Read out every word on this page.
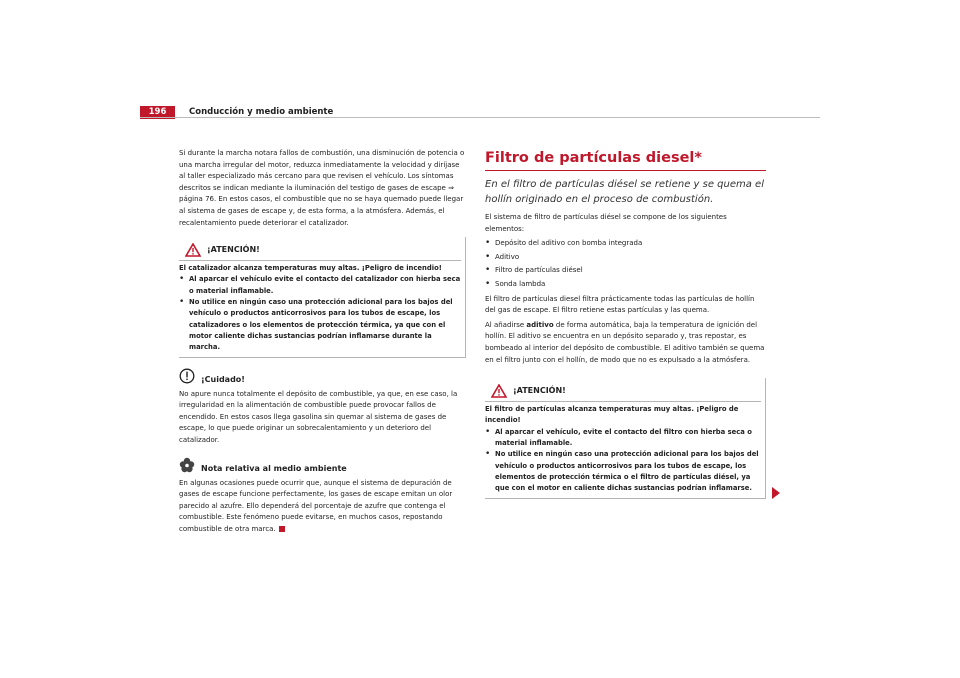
196	Conducción y medio ambiente

Si durante la marcha notara fallos de combustión, una disminución de potencia o una marcha irregular del motor, reduzca inmediatamente la velocidad y diríjase al taller especializado más cercano para que revisen el vehículo. Los síntomas descritos se indican mediante la iluminación del testigo de gases de escape ⇒ página 76. En estos casos, el combustible que no se haya quemado puede llegar al sistema de gases de escape y, de esta forma, a la atmósfera. Además, el recalentamiento puede deteriorar el catalizador.

¡ATENCIÓN!

El catalizador alcanza temperaturas muy altas. ¡Peligro de incendio!

• Al aparcar el vehículo evite el contacto del catalizador con hierba seca o material inflamable.

• No utilice en ningún caso una protección adicional para los bajos del vehículo o productos anticorrosivos para los tubos de escape, los catalizadores o los elementos de protección térmica, ya que con el motor caliente dichas sustancias podrían inflamarse durante la marcha.

¡Cuidado!

No apure nunca totalmente el depósito de combustible, ya que, en ese caso, la irregularidad en la alimentación de combustible puede provocar fallos de encendido. En estos casos llega gasolina sin quemar al sistema de gases de escape, lo que puede originar un sobrecalentamiento y un deterioro del catalizador.

Nota relativa al medio ambiente

En algunas ocasiones puede ocurrir que, aunque el sistema de depuración de gases de escape funcione perfectamente, los gases de escape emitan un olor parecido al azufre. Ello dependerá del porcentaje de azufre que contenga el combustible. Este fenómeno puede evitarse, en muchos casos, repostando combustible de otra marca.

Filtro de partículas diesel*
En el filtro de partículas diésel se retiene y se quema el hollín originado en el proceso de combustión.

El sistema de filtro de partículas diésel se compone de los siguientes elementos:

• Depósito del aditivo con bomba integrada

• Aditivo

• Filtro de partículas diésel

• Sonda lambda

El filtro de partículas diesel filtra prácticamente todas las partículas de hollín del gas de escape. El filtro retiene estas partículas y las quema.

Al añadirse aditivo de forma automática, baja la temperatura de ignición del hollín. El aditivo se encuentra en un depósito separado y, tras repostar, es bombeado al interior del depósito de combustible. El aditivo también se quema en el filtro junto con el hollín, de modo que no es expulsado a la atmósfera.

¡ATENCIÓN!

El filtro de partículas alcanza temperaturas muy altas. ¡Peligro de incendio!

• Al aparcar el vehículo, evite el contacto del filtro con hierba seca o material inflamable.

• No utilice en ningún caso una protección adicional para los bajos del vehículo o productos anticorrosivos para los tubos de escape, los elementos de protección térmica o el filtro de partículas diésel, ya que con el motor en caliente dichas sustancias podrían inflamarse.
